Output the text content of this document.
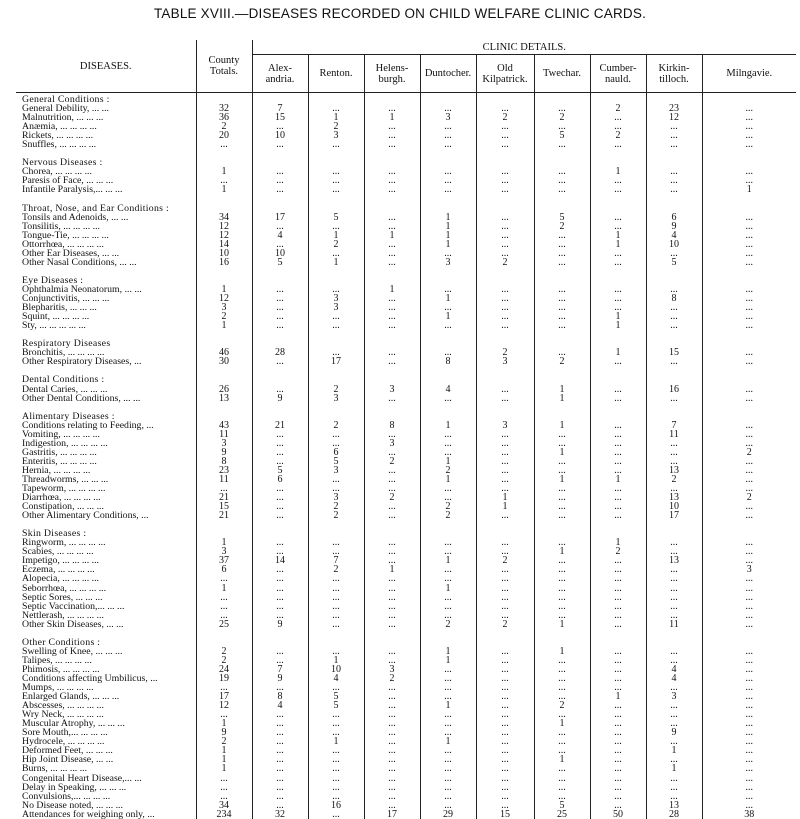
TABLE XVIII.—DISEASES RECORDED ON CHILD WELFARE CLINIC CARDS.
DISEASES.	County Totals.	CLINIC DETAILS.								
		Alex- andria.	Renton.	Helens- burgh.	Duntocher.	Old Kilpatrick.	Twechar.	Cumber- nauld.	Kirkin- tilloch.	Milngavie.
General Conditions :										
General Debility, ... ...	32	7	...	...	...	...	...	2	23	...
Malnutrition, ... ... ...	36	15	1	1	3	2	2	...	12	...
Anæmia, ... ... ... ...	2	...	2	...	...	...	...	...	...	...
Rickets, ... ... ... ...	20	10	3	...	...	...	5	2	...	...
Snuffles, ... ... ... ...	...	...	...	...	...	...	...	...	...	...

Nervous Diseases :										
Chorea, ... ... ... ...	1	...	...	...	...	...	...	1	...	...
Paresis of Face, ... ... ...	...	...	...	...	...	...	...	...	...	...
Infantile Paralysis,... ... ...	1	...	...	...	...	...	...	...	...	1

Throat, Nose, and Ear Conditions :										
Tonsils and Adenoids, ... ...	34	17	5	...	1	...	5	...	6	...
Tonsilitis, ... ... ... ...	12	...	...	...	1	...	2	...	9	...
Tongue-Tie, ... ... ... ...	12	4	1	1	1	...	...	1	4	...
Ottorrhœa, ... ... ... ...	14	...	2	...	1	...	...	1	10	...
Other Ear Diseases, ... ...	10	10	...	...	...	...	...	...	...	...
Other Nasal Conditions, ... ...	16	5	1	...	3	2	...	...	5	...

Eye Diseases :										
Ophthalmia Neonatorum, ... ...	1	...	...	1	...	...	...	...	...	...
Conjunctivitis, ... ... ...	12	...	3	...	1	...	...	...	8	...
Blepharitis, ... ... ...	3	...	3	...	...	...	...	...	...	...
Squint, ... ... ... ...	2	...	...	...	1	...	...	1	...	...
Sty, ... ... ... ... ...	1	...	...	...	...	...	...	1	...	...

Respiratory Diseases										
Bronchitis, ... ... ... ...	46	28	...	...	...	2	...	1	15	...
Other Respiratory Diseases, ...	30	...	17	...	8	3	2	...	...	...

Dental Conditions :										
Dental Caries, ... ... ...	26	...	2	3	4	...	1	...	16	...
Other Dental Conditions, ... ...	13	9	3	...	...	...	1	...	...	...

Alimentary Diseases :										
Conditions relating to Feeding, ...	43	21	2	8	1	3	1	...	7	...
Vomiting, ... ... ... ...	11	...	...	...	...	...	...	...	11	...
Indigestion, ... ... ... ...	3	...	...	3	...	...	...	...	...	...
Gastritis, ... ... ... ...	9	...	6	...	...	...	1	...	...	2
Enteritis, ... ... ... ...	8	...	5	2	1	...	...	...	...	...
Hernia, ... ... ... ...	23	5	3	...	2	...	...	...	13	...
Threadworms, ... ... ...	11	6	...	...	1	...	1	1	2	...
Tapeworm, ... ... ... ...	...	...	...	...	...	...	...	...	...	...
Diarrhœa, ... ... ... ...	21	...	3	2	...	1	...	...	13	2
Constipation, ... ... ...	15	...	2	...	2	1	...	...	10	...
Other Alimentary Conditions, ...	21	...	2	...	2	...	...	...	17	...

Skin Diseases :										
Ringworm, ... ... ... ...	1	...	...	...	...	...	...	1	...	...
Scabies, ... ... ... ...	3	...	...	...	...	...	1	2	...	...
Impetigo, ... ... ... ...	37	14	7	...	1	2	...	...	13	...
Eczema, ... ... ... ...	6	...	2	1	...	...	...	...	...	3
Alopecia, ... ... ... ...	...	...	...	...	...	...	...	...	...	...
Seborrhœa, ... ... ... ...	1	...	...	...	1	...	...	...	...	...
Septic Sores, ... ... ...	...	...	...	...	...	...	...	...	...	...
Septic Vaccination,... ... ...	...	...	...	...	...	...	...	...	...	...
Nettlerash, ... ... ... ...	...	...	...	...	...	...	...	...	...	...
Other Skin Diseases, ... ...	25	9	...	...	2	2	1	...	11	...

Other Conditions :										
Swelling of Knee, ... ... ...	2	...	...	...	1	...	1	...	...	...
Talipes, ... ... ... ...	2	...	1	...	1	...	...	...	...	...
Phimosis, ... ... ... ...	24	7	10	3	...	...	...	...	4	...
Conditions affecting Umbilicus, ...	19	9	4	2	...	...	...	...	4	...
Mumps, ... ... ... ...	...	...	...	...	...	...	...	...	...	...
Enlarged Glands, ... ... ...	17	8	5	...	...	...	...	1	3	...
Abscesses, ... ... ... ...	12	4	5	...	1	...	2	...	...	...
Wry Neck, ... ... ... ...	...	...	...	...	...	...	...	...	...	...
Muscular Atrophy, ... ... ...	1	...	...	...	...	...	1	...	...	...
Sore Mouth,... ... ... ...	9	...	...	...	...	...	...	...	9	...
Hydrocele, ... ... ... ...	2	...	1	...	1	...	...	...	...	...
Deformed Feet, ... ... ...	1	...	...	...	...	...	...	...	1	...
Hip Joint Disease, ... ...	1	...	...	...	...	...	1	...	...	...
Burns, ... ... ... ...	1	...	...	...	...	...	...	...	1	...
Congenital Heart Disease,... ...	...	...	...	...	...	...	...	...	...	...
Delay in Speaking, ... ... ...	...	...	...	...	...	...	...	...	...	...
Convulsions,... ... ... ...	...	...	...	...	...	...	...	...	...	...
No Disease noted, ... ... ...	34	...	16	...	...	...	5	...	13	...
Attendances for weighing only, ...	234	32	...	17	29	15	25	50	28	38
